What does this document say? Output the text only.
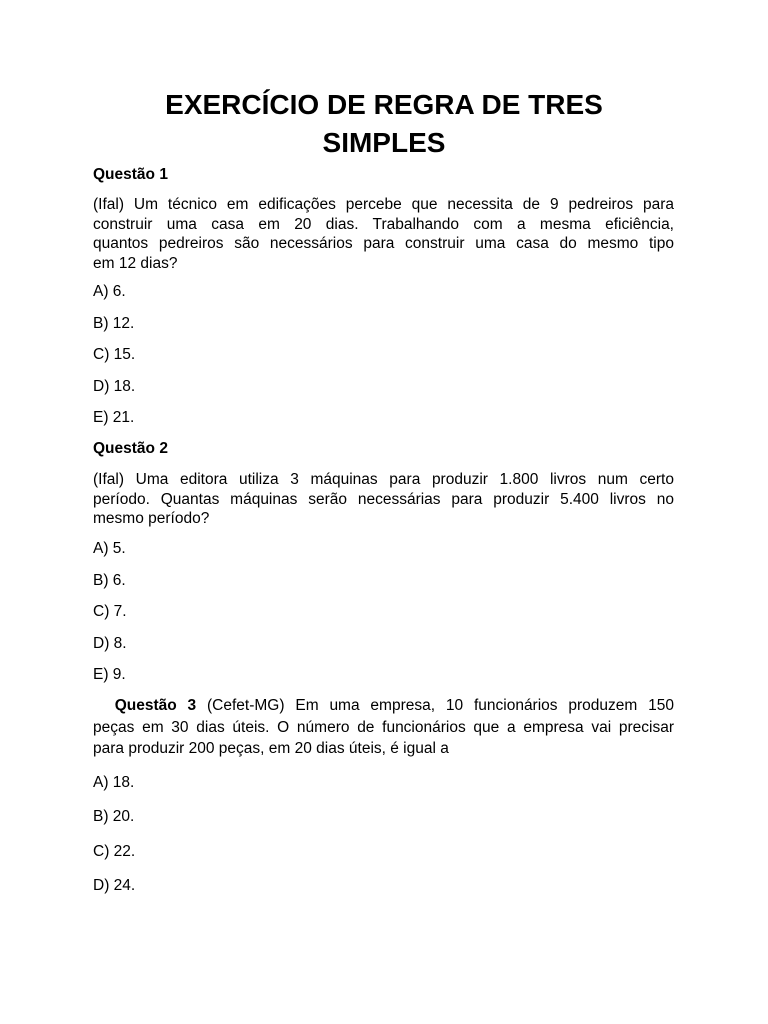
EXERCÍCIO DE REGRA DE TRES
SIMPLES
Questão 1
(Ifal) Um técnico em edificações percebe que necessita de 9 pedreiros para
construir uma casa em 20 dias. Trabalhando com a mesma eficiência,
quantos pedreiros são necessários para construir uma casa do mesmo tipo
em 12 dias?
A) 6.
B) 12.
C) 15.
D) 18.
E) 21.
Questão 2
(Ifal) Uma editora utiliza 3 máquinas para produzir 1.800 livros num certo
período. Quantas máquinas serão necessárias para produzir 5.400 livros no
mesmo período?
A) 5.
B) 6.
C) 7.
D) 8.
E) 9.
Questão 3 (Cefet-MG) Em uma empresa, 10 funcionários produzem 150
peças em 30 dias úteis. O número de funcionários que a empresa vai precisar
para produzir 200 peças, em 20 dias úteis, é igual a
A) 18.
B) 20.
C) 22.
D) 24.
